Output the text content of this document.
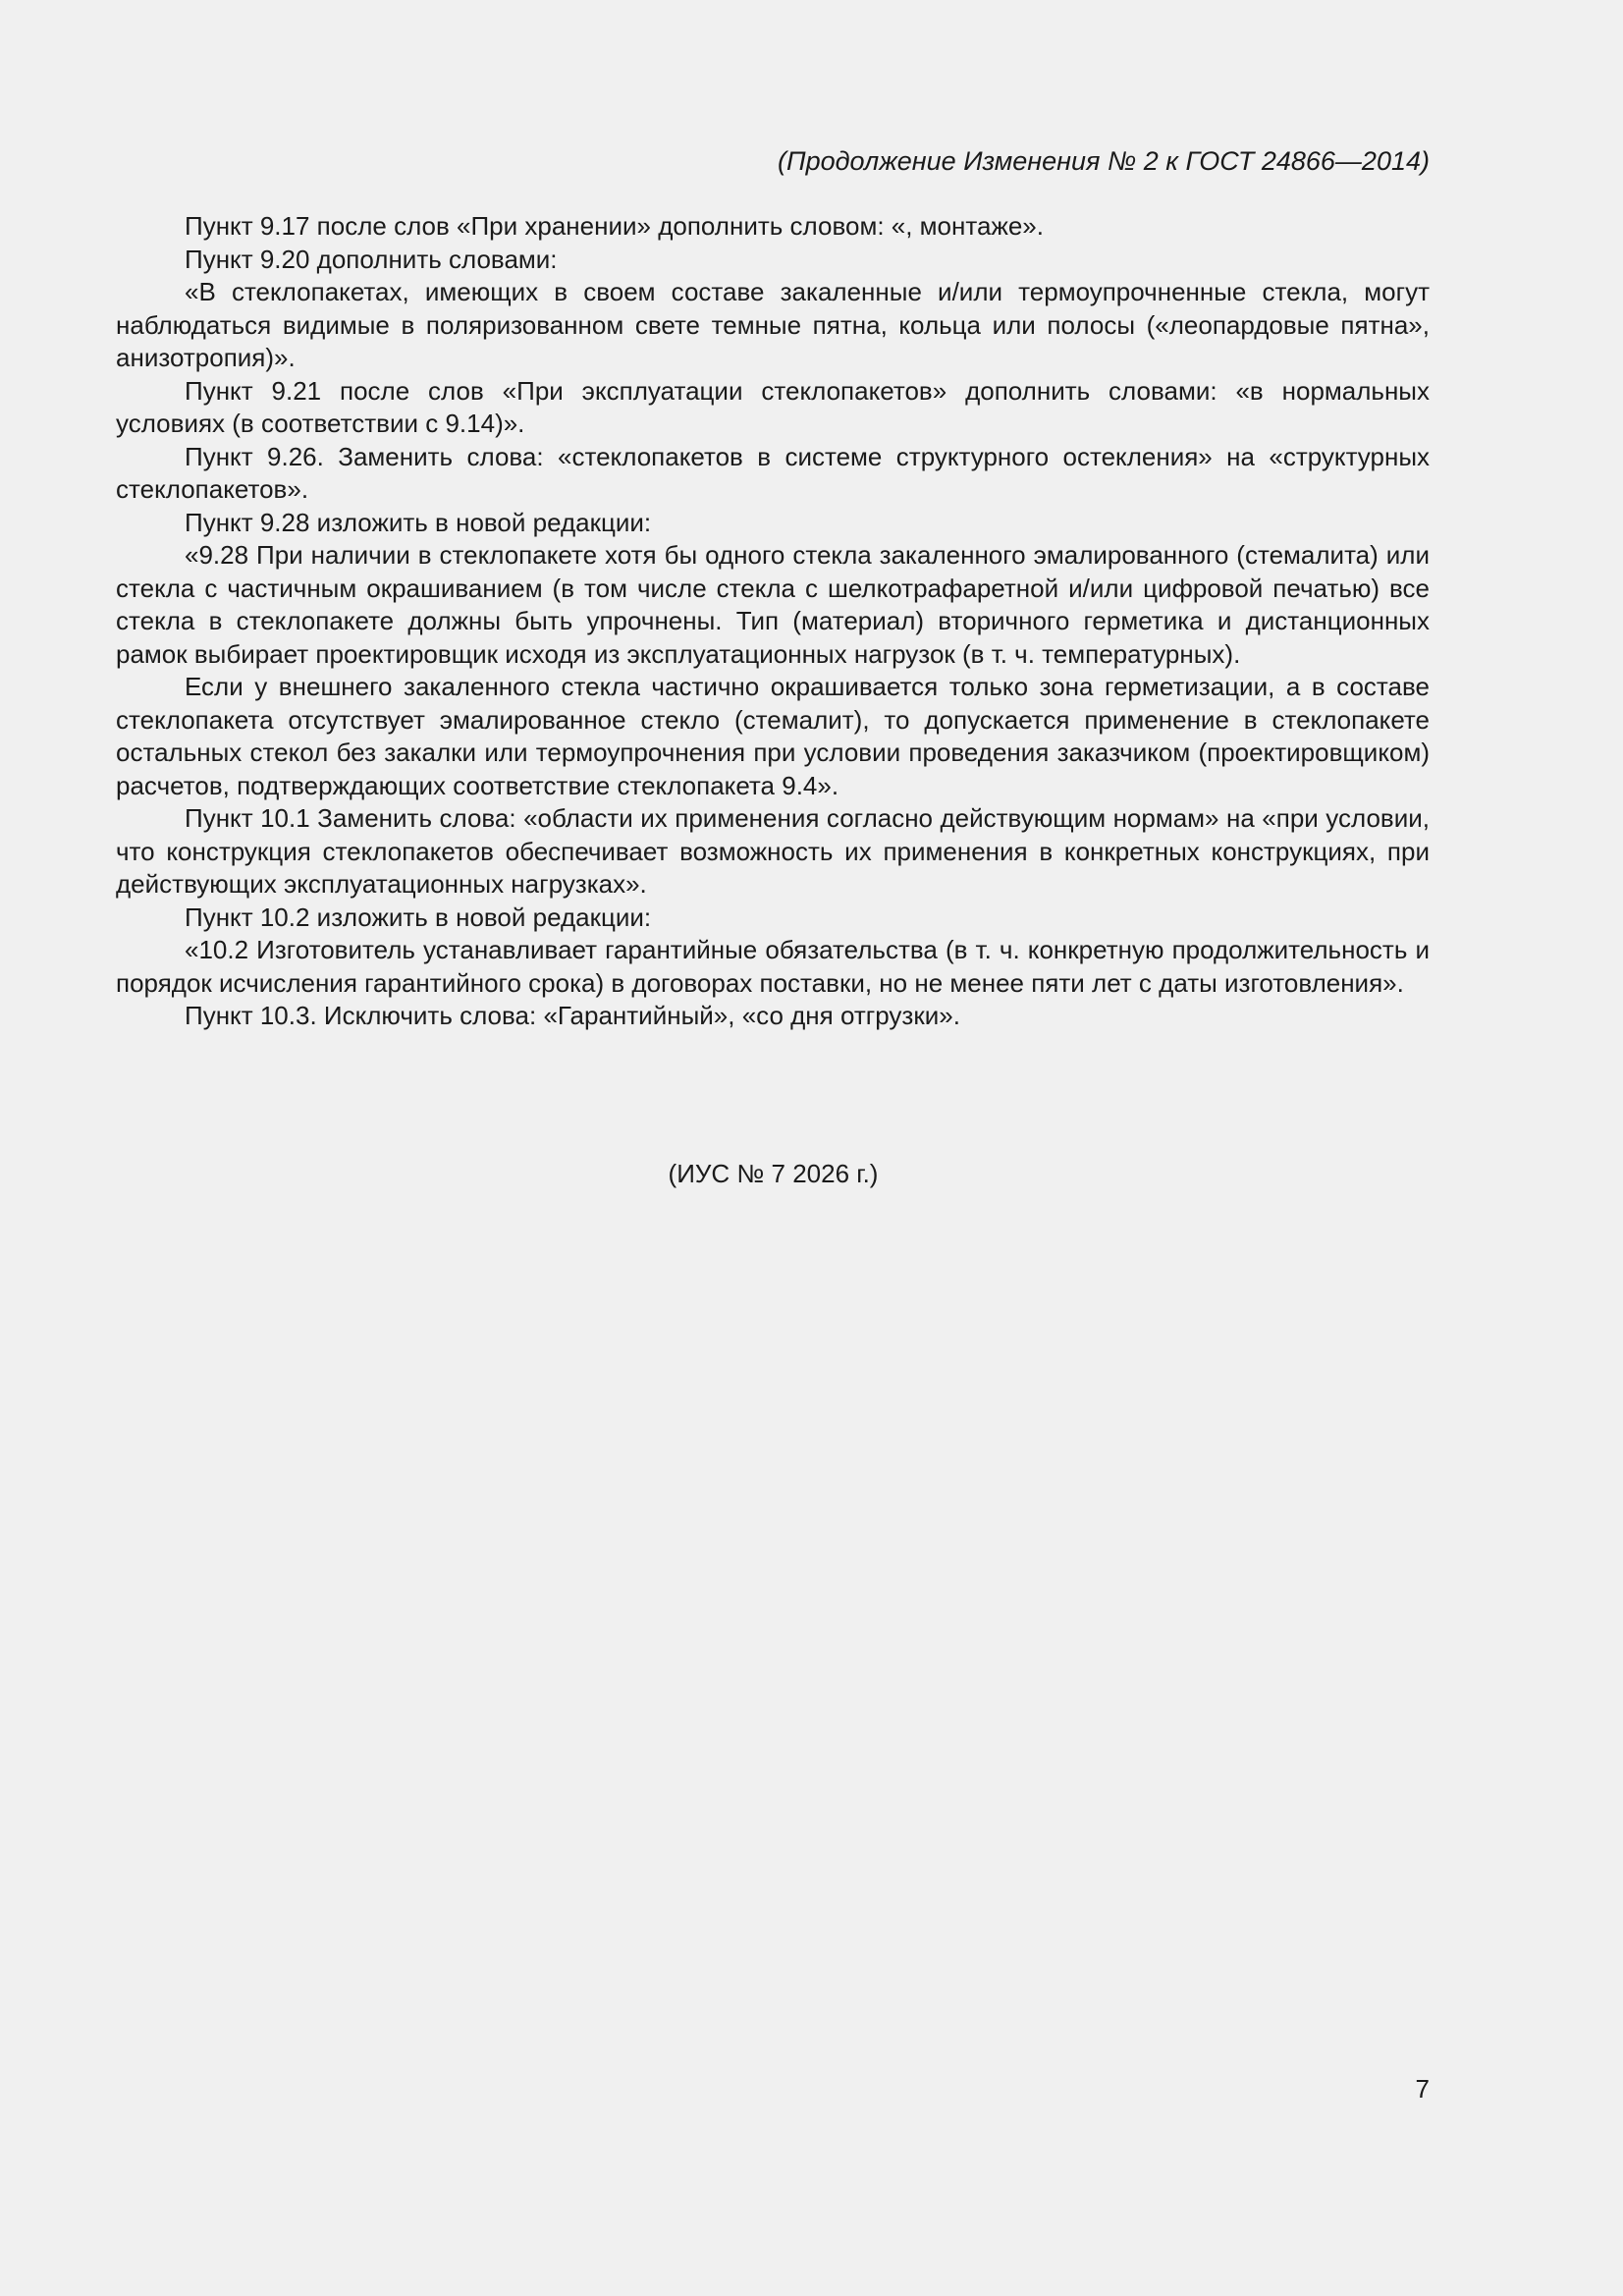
(Продолжение Изменения № 2 к ГОСТ 24866—2014)

Пункт 9.17 после слов «При хранении» дополнить словом: «, монтаже».

Пункт 9.20 дополнить словами:

«В стеклопакетах, имеющих в своем составе закаленные и/или термоупрочненные стекла, могут наблюдаться видимые в поляризованном свете темные пятна, кольца или полосы («леопардовые пятна», анизотропия)».

Пункт 9.21 после слов «При эксплуатации стеклопакетов» дополнить словами: «в нормальных условиях (в соответствии с 9.14)».

Пункт 9.26. Заменить слова: «стеклопакетов в системе структурного остекления» на «структурных стеклопакетов».

Пункт 9.28 изложить в новой редакции:

«9.28 При наличии в стеклопакете хотя бы одного стекла закаленного эмалированного (стемалита) или стекла с частичным окрашиванием (в том числе стекла с шелкотрафаретной и/или цифровой печатью) все стекла в стеклопакете должны быть упрочнены. Тип (материал) вторичного герметика и дистанционных рамок выбирает проектировщик исходя из эксплуатационных нагрузок (в т. ч. температурных).

Если у внешнего закаленного стекла частично окрашивается только зона герметизации, а в составе стеклопакета отсутствует эмалированное стекло (стемалит), то допускается применение в стеклопакете остальных стекол без закалки или термоупрочнения при условии проведения заказчиком (проектировщиком) расчетов, подтверждающих соответствие стеклопакета 9.4».

Пункт 10.1 Заменить слова: «области их применения согласно действующим нормам» на «при условии, что конструкция стеклопакетов обеспечивает возможность их применения в конкретных конструкциях, при действующих эксплуатационных нагрузках».

Пункт 10.2 изложить в новой редакции:

«10.2 Изготовитель устанавливает гарантийные обязательства (в т. ч. конкретную продолжительность и порядок исчисления гарантийного срока) в договорах поставки, но не менее пяти лет с даты изготовления».

Пункт 10.3. Исключить слова: «Гарантийный», «со дня отгрузки».

(ИУС № 7 2026 г.)
7
